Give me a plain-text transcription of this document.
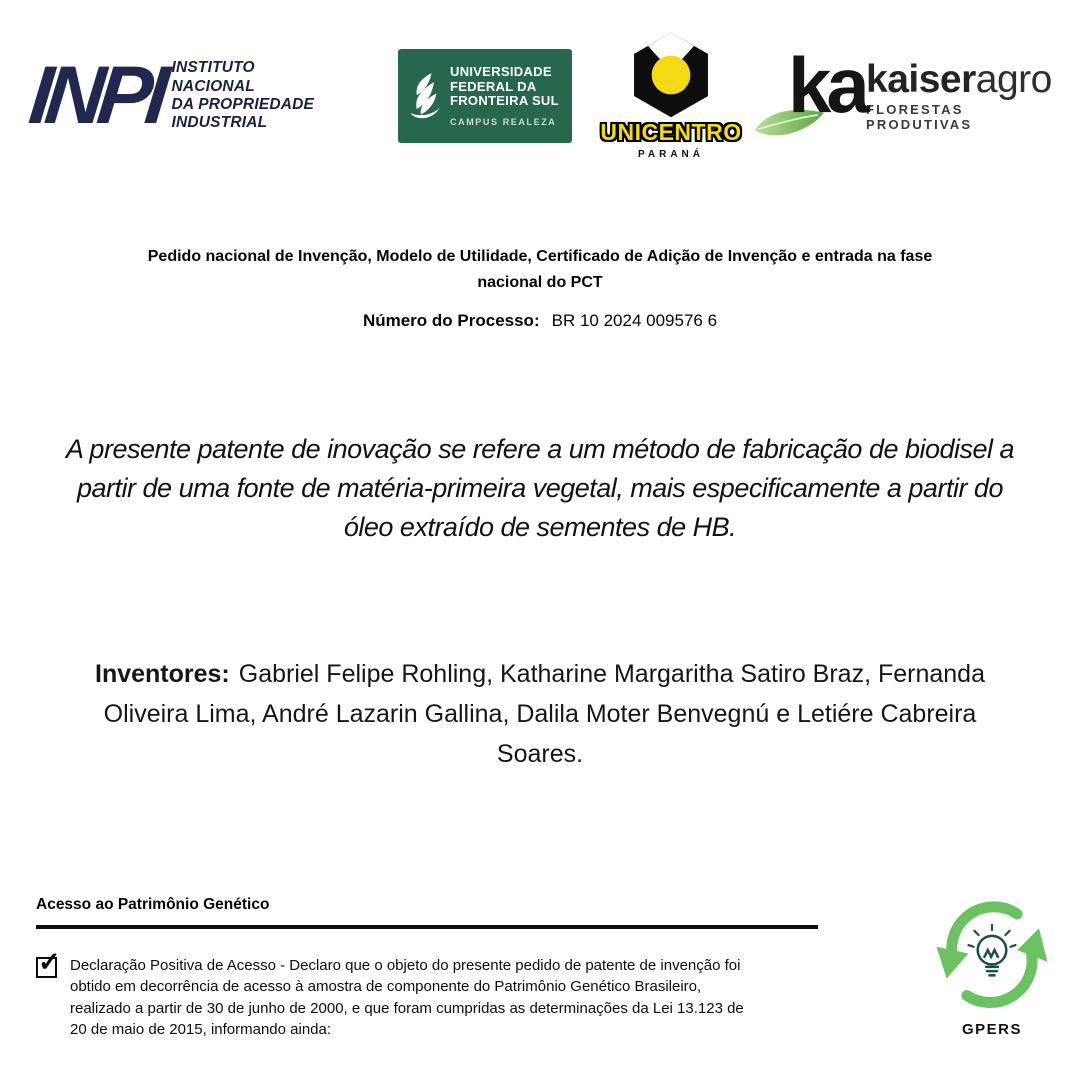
INPI INSTITUTO
NACIONAL
DA PROPRIEDADE
INDUSTRIAL
UNIVERSIDADE
FEDERAL DA
FRONTEIRA SUL
CAMPUS REALEZA UNICENTRO
PARANÁ
ka kaiseragro
FLORESTAS PRODUTIVAS
Pedido nacional de Invenção, Modelo de Utilidade, Certificado de Adição de Invenção e entrada na fase
nacional do PCT
Número do Processo: BR 10 2024 009576 6
A presente patente de inovação se refere a um método de fabricação de biodisel a
partir de uma fonte de matéria-primeira vegetal, mais especificamente a partir do
óleo extraído de sementes de HB.
Inventores: Gabriel Felipe Rohling, Katharine Margaritha Satiro Braz, Fernanda
Oliveira Lima, André Lazarin Gallina, Dalila Moter Benvegnú e Letiére Cabreira
Soares.
Acesso ao Patrimônio Genético
✓ Declaração Positiva de Acesso - Declaro que o objeto do presente pedido de patente de invenção foi
obtido em decorrência de acesso à amostra de componente do Patrimônio Genético Brasileiro,
realizado a partir de 30 de junho de 2000, e que foram cumpridas as determinações da Lei 13.123 de
20 de maio de 2015, informando ainda:	GPERS
